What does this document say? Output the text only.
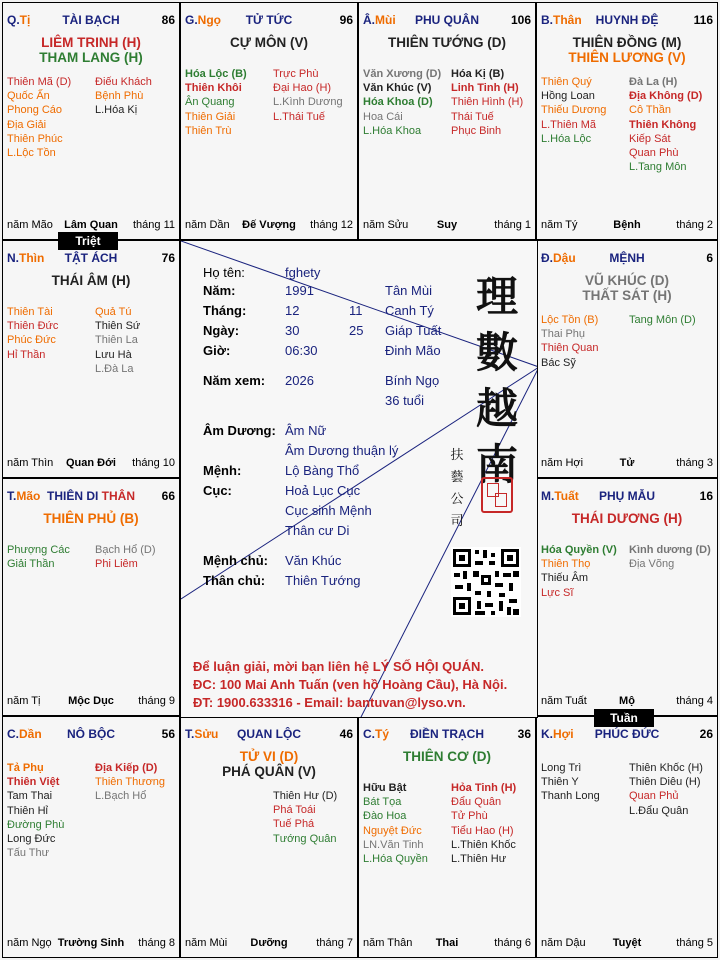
Q.Tị	TÀI BẠCH	86
LIÊM TRINH (H)
THAM LANG (H)
Thiên Mã (D)
Quốc Ấn
Phong Cáo
Địa Giải
Thiên Phúc
L.Lộc Tồn
Điếu Khách
Bệnh Phù
L.Hóa Kị
năm Mão	Lâm Quan	tháng 11
G.Ngọ	TỬ TỨC	96
CỰ MÔN (V)
Hóa Lộc (B)
Thiên Khôi
Ân Quang
Thiên Giải
Thiên Trù
Trực Phù
Đại Hao (H)
L.Kình Dương
L.Thái Tuế
năm Dần	Đế Vượng	tháng 12
Â.Mùi	PHU QUÂN	106
THIÊN TƯỚNG (D)
Văn Xương (D)
Văn Khúc (V)
Hóa Khoa (D)
Hoa Cái
L.Hóa Khoa
Hóa Kị (B)
Linh Tinh (H)
Thiên Hình (H)
Thái Tuế
Phục Binh
năm Sửu	Suy	tháng 1
B.Thân	HUYNH ĐỆ	116
THIÊN ĐỒNG (M)
THIÊN LƯƠNG (V)
Thiên Quý
Hồng Loan
Thiếu Dương
L.Thiên Mã
L.Hóa Lộc
Đà La (H)
Địa Không (D)
Cô Thần
Thiên Không
Kiếp Sát
Quan Phù
L.Tang Môn
năm Tý	Bệnh	tháng 2
Đ.Dậu	MỆNH	6
VŨ KHÚC (D)
THẤT SÁT (H)
Lộc Tồn (B)
Thai Phụ
Thiên Quan
Bác Sỹ
Tang Môn (D)
năm Hợi	Tử	tháng 3
M.Tuất	PHỤ MẪU	16
THÁI DƯƠNG (H)
Hóa Quyền (V)
Thiên Thọ
Thiếu Âm
Lực Sĩ
Kình dương (D)
Địa Võng
năm Tuất	Mộ	tháng 4
K.Hợi	PHÚC ĐỨC	26
Long Trì
Thiên Y
Thanh Long
Thiên Khốc (H)
Thiên Diêu (H)
Quan Phủ
L.Đẩu Quân
năm Dậu	Tuyệt	tháng 5
C.Tý	ĐIỀN TRẠCH	36
THIÊN CƠ (D)
Hữu Bật
Bát Tọa
Đào Hoa
Nguyệt Đức
LN.Văn Tinh
L.Hóa Quyền
Hỏa Tinh (H)
Đẩu Quân
Tử Phù
Tiểu Hao (H)
L.Thiên Khốc
L.Thiên Hư
năm Thân	Thai	tháng 6
T.Sửu	QUAN LỘC	46
TỬ VI (D)
PHÁ QUÂN (V)
Thiên Hư (D)
Phá Toái
Tuế Phá
Tướng Quân
năm Mùi	Dưỡng	tháng 7
C.Dần	NÔ BỘC	56
Tả Phụ
Thiên Việt
Tam Thai
Thiên Hỉ
Đường Phù
Long Đức
Tấu Thư
Địa Kiếp (D)
Thiên Thương
L.Bạch Hổ
năm Ngọ Trường Sinh	tháng 8
T.Mão THIÊN DI THÂN	66
THIÊN PHỦ (B)
Phượng Các
Giải Thần
Bạch Hổ (D)
Phi Liêm
năm Tị	Mộc Dục	tháng 9
N.Thìn	TẬT ÁCH	76
THÁI ÂM (H)
Thiên Tài
Thiên Đức
Phúc Đức
Hỉ Thần
Quả Tú
Thiên Sứ
Thiên La
Lưu Hà
L.Đà La
năm Thìn	Quan Đới	tháng 10
Họ tên:	fghety
Năm:	1991	Tân Mùi
Tháng:	12	11 Canh Tý
Ngày:	30	25 Giáp Tuất
Giờ:	06:30	Đinh Mão
Năm xem: 2026	Bính Ngọ
36 tuổi
Âm Dương: Âm Nữ
Âm Dương thuận lý
Mệnh:	Lộ Bàng Thổ
Cục:	Hoả Lục Cục
Cục sinh Mệnh
Thân cư Di
Mệnh chủ: Văn Khúc
Thân chủ: Thiên Tướng
理
數
越
南
扶
藝
公
司
Để luận giải, mời bạn liên hệ LÝ SỐ HỘI QUÁN.
ĐC: 100 Mai Anh Tuấn (ven hồ Hoàng Cầu), Hà Nội.
ĐT: 1900.633316 - Email: bantuvan@lyso.vn.
Triệt
Tuần
